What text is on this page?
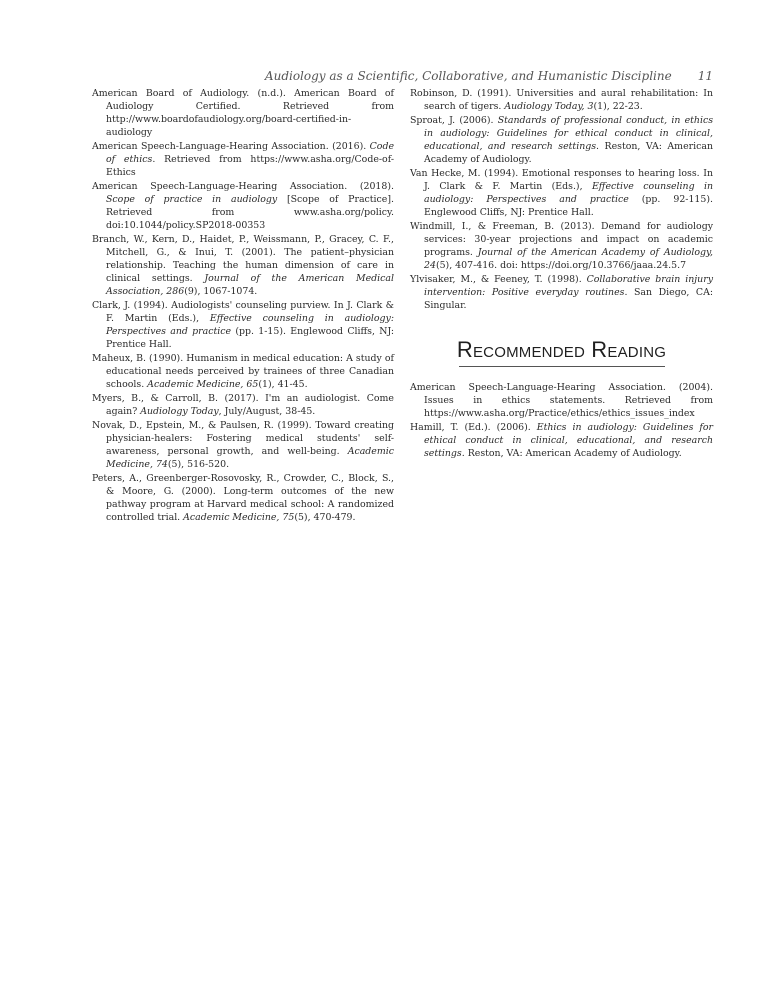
Audiology as a Scientific, Collaborative, and Humanistic Discipline 11
American Board of Audiology. (n.d.). American Board of Audiology Certified. Retrieved from http://www.boardofaudiology.org/board-certified-in-audiology
American Speech-Language-Hearing Association. (2016). Code of ethics. Retrieved from https://www.asha.org/Code-of-Ethics
American Speech-Language-Hearing Association. (2018). Scope of practice in audiology [Scope of Practice]. Retrieved from www.asha.org/policy. doi:10.1044/policy.SP2018-00353
Branch, W., Kern, D., Haidet, P., Weissmann, P., Gracey, C. F., Mitchell, G., & Inui, T. (2001). The patient–physician relationship. Teaching the human dimension of care in clinical settings. Journal of the American Medical Association, 286(9), 1067-1074.
Clark, J. (1994). Audiologists' counseling purview. In J. Clark & F. Martin (Eds.), Effective counseling in audiology: Perspectives and practice (pp. 1-15). Englewood Cliffs, NJ: Prentice Hall.
Maheux, B. (1990). Humanism in medical education: A study of educational needs perceived by trainees of three Canadian schools. Academic Medicine, 65(1), 41-45.
Myers, B., & Carroll, B. (2017). I'm an audiologist. Come again? Audiology Today, July/August, 38-45.
Novak, D., Epstein, M., & Paulsen, R. (1999). Toward creating physician-healers: Fostering medical students' self-awareness, personal growth, and well-being. Academic Medicine, 74(5), 516-520.
Peters, A., Greenberger-Rosovosky, R., Crowder, C., Block, S., & Moore, G. (2000). Long-term outcomes of the new pathway program at Harvard medical school: A randomized controlled trial. Academic Medicine, 75(5), 470-479.
Robinson, D. (1991). Universities and aural rehabilitation: In search of tigers. Audiology Today, 3(1), 22-23.
Sproat, J. (2006). Standards of professional conduct, in ethics in audiology: Guidelines for ethical conduct in clinical, educational, and research settings. Reston, VA: American Academy of Audiology.
Van Hecke, M. (1994). Emotional responses to hearing loss. In J. Clark & F. Martin (Eds.), Effective counseling in audiology: Perspectives and practice (pp. 92-115). Englewood Cliffs, NJ: Prentice Hall.
Windmill, I., & Freeman, B. (2013). Demand for audiology services: 30-year projections and impact on academic programs. Journal of the American Academy of Audiology, 24(5), 407-416. doi: https://doi.org/10.3766/jaaa.24.5.7
Ylvisaker, M., & Feeney, T. (1998). Collaborative brain injury intervention: Positive everyday routines. San Diego, CA: Singular.
Recommended Reading
American Speech-Language-Hearing Association. (2004). Issues in ethics statements. Retrieved from https://www.asha.org/Practice/ethics/ethics_issues_index
Hamill, T. (Ed.). (2006). Ethics in audiology: Guidelines for ethical conduct in clinical, educational, and research settings. Reston, VA: American Academy of Audiology.
